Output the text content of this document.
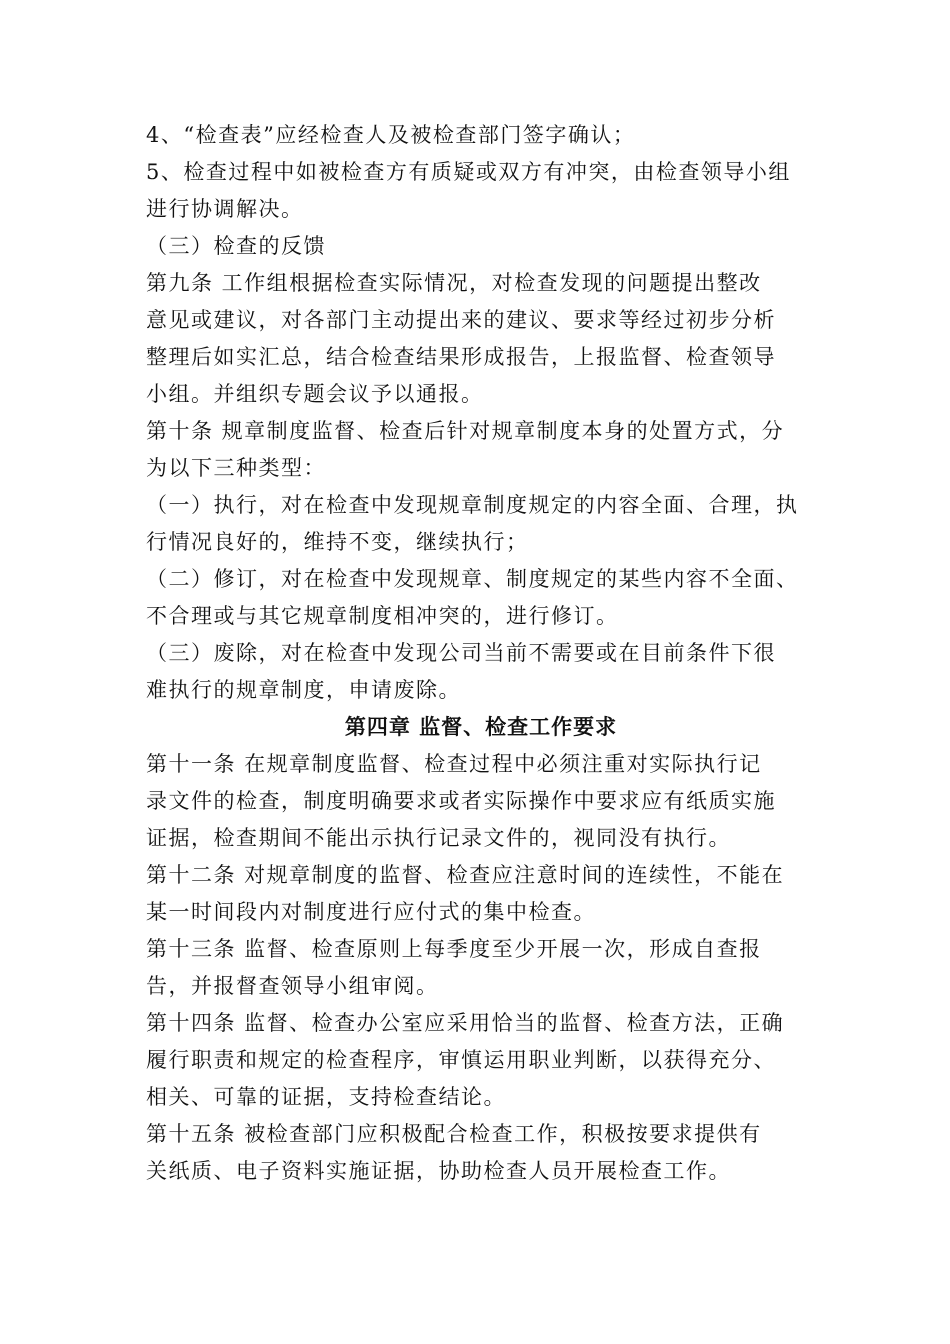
4、“检查表”应经检查人及被检查部门签字确认；
5、检查过程中如被检查方有质疑或双方有冲突，由检查领导小组
进行协调解决。
（三）检查的反馈
第九条 工作组根据检查实际情况，对检查发现的问题提出整改
意见或建议，对各部门主动提出来的建议、要求等经过初步分析
整理后如实汇总，结合检查结果形成报告，上报监督、检查领导
小组。并组织专题会议予以通报。
第十条 规章制度监督、检查后针对规章制度本身的处置方式，分
为以下三种类型：
（一）执行，对在检查中发现规章制度规定的内容全面、合理，执
行情况良好的，维持不变，继续执行；
（二）修订，对在检查中发现规章、制度规定的某些内容不全面、
不合理或与其它规章制度相冲突的，进行修订。
（三）废除，对在检查中发现公司当前不需要或在目前条件下很
难执行的规章制度，申请废除。
第四章 监督、检查工作要求
第十一条 在规章制度监督、检查过程中必须注重对实际执行记
录文件的检查，制度明确要求或者实际操作中要求应有纸质实施
证据，检查期间不能出示执行记录文件的，视同没有执行。
第十二条 对规章制度的监督、检查应注意时间的连续性，不能在
某一时间段内对制度进行应付式的集中检查。
第十三条 监督、检查原则上每季度至少开展一次，形成自查报
告，并报督查领导小组审阅。
第十四条 监督、检查办公室应采用恰当的监督、检查方法，正确
履行职责和规定的检查程序，审慎运用职业判断，以获得充分、
相关、可靠的证据，支持检查结论。
第十五条 被检查部门应积极配合检查工作，积极按要求提供有
关纸质、电子资料实施证据，协助检查人员开展检查工作。
